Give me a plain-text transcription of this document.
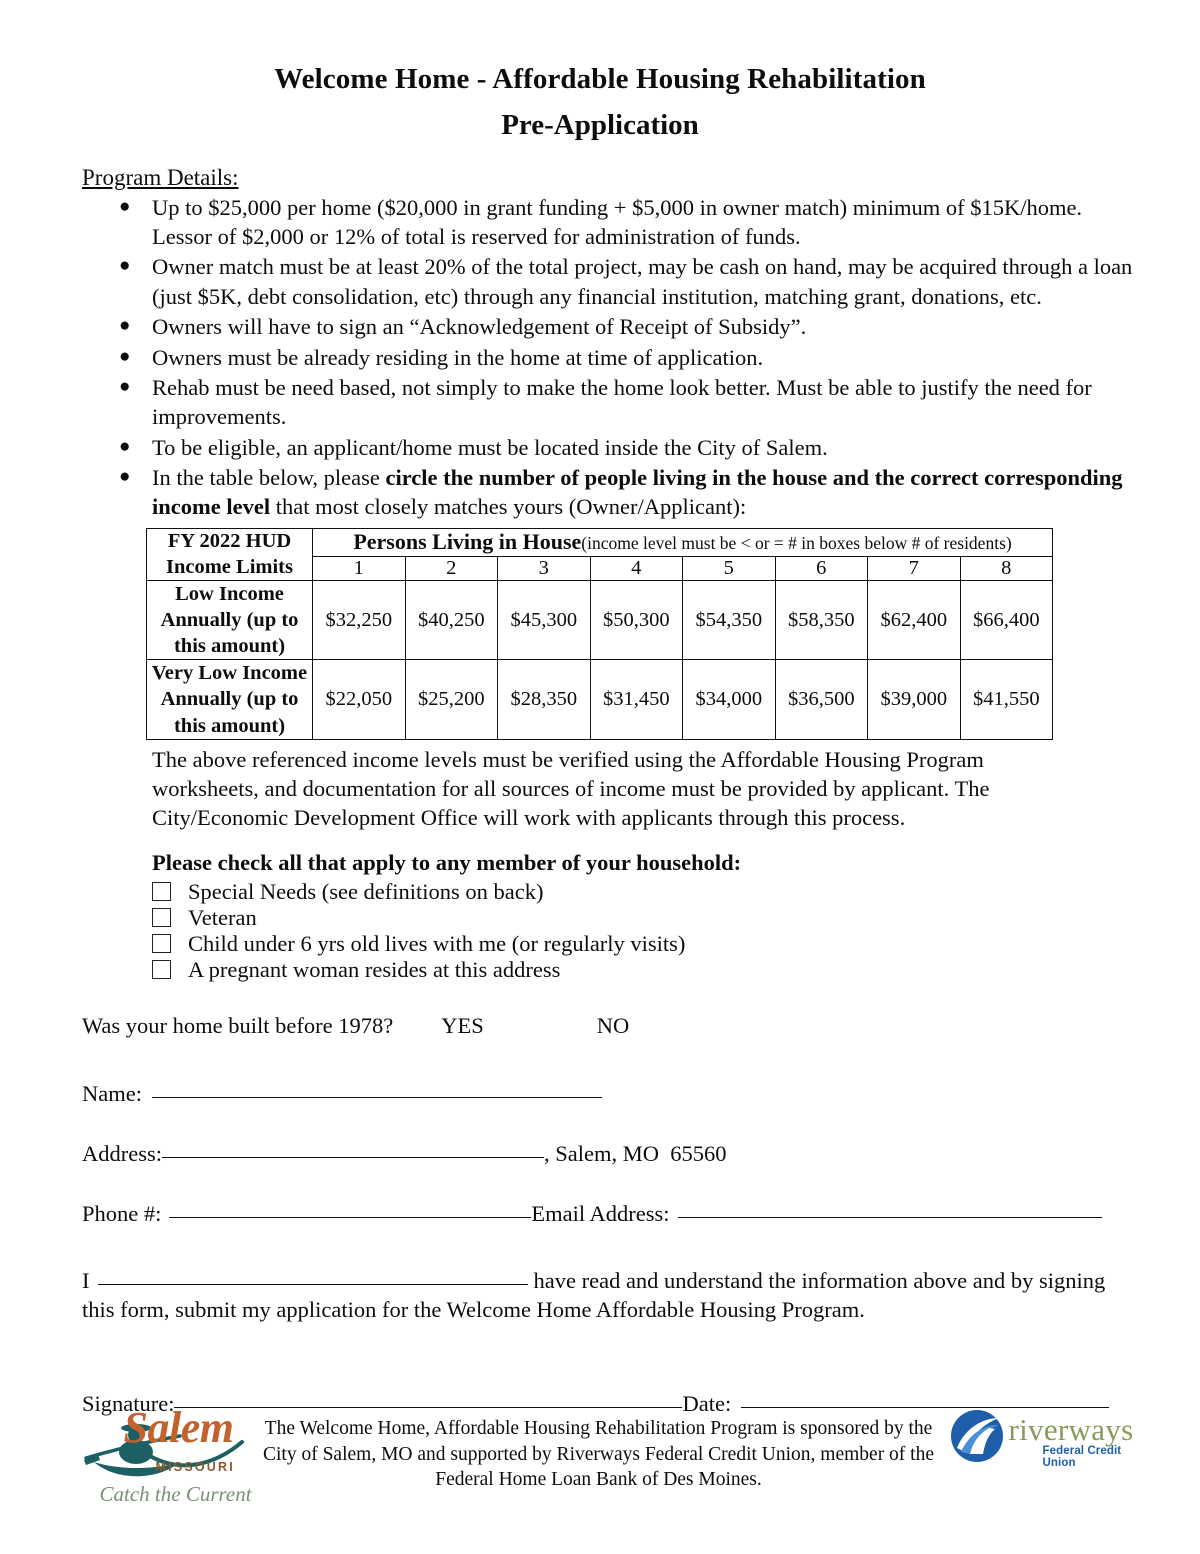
Welcome Home - Affordable Housing Rehabilitation
Pre-Application
Program Details:
● Up to $25,000 per home ($20,000 in grant funding + $5,000 in owner match) minimum of $15K/home. Lessor of $2,000 or 12% of total is reserved for administration of funds.
● Owner match must be at least 20% of the total project, may be cash on hand, may be acquired through a loan (just $5K, debt consolidation, etc) through any financial institution, matching grant, donations, etc.
● Owners will have to sign an “Acknowledgement of Receipt of Subsidy”.
● Owners must be already residing in the home at time of application.
● Rehab must be need based, not simply to make the home look better. Must be able to justify the need for improvements.
● To be eligible, an applicant/home must be located inside the City of Salem.
● In the table below, please circle the number of people living in the house and the correct corresponding income level that most closely matches yours (Owner/Applicant):
FY 2022 HUD Income Limits	Persons Living in House(income level must be < or = # in boxes below # of residents)							
	1	2	3	4	5	6	7	8
Low Income Annually (up to this amount)	$32,250	$40,250	$45,300	$50,300	$54,350	$58,350	$62,400	$66,400
Very Low Income Annually (up to this amount)	$22,050	$25,200	$28,350	$31,450	$34,000	$36,500	$39,000	$41,550
The above referenced income levels must be verified using the Affordable Housing Program worksheets, and documentation for all sources of income must be provided by applicant. The City/Economic Development Office will work with applicants through this process.
Please check all that apply to any member of your household:
Special Needs (see definitions on back)
Veteran
Child under 6 yrs old lives with me (or regularly visits)
A pregnant woman resides at this address
Was your home built before 1978? YES	NO
Name:
Address:	, Salem, MO  65560
Phone #:	Email Address:
I	have read and understand the information above and by signing this form, submit my application for the Welcome Home Affordable Housing Program.
Signature:	Date:
Salem
MISSOURI
Catch the Current
The Welcome Home, Affordable Housing Rehabilitation Program is sponsored by the City of Salem, MO and supported by Riverways Federal Credit Union, member of the Federal Home Loan Bank of Des Moines.
riverways
Federal Credit Union
